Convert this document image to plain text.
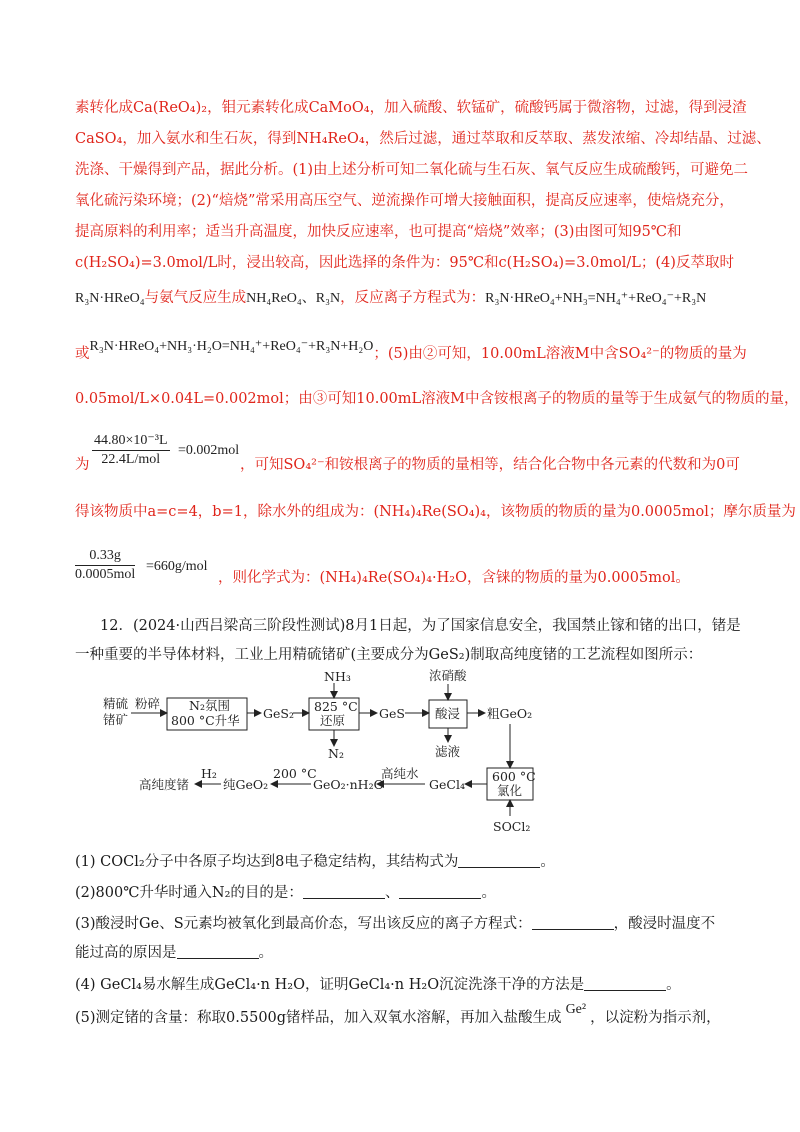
素转化成Ca(ReO₄)₂，钼元素转化成CaMoO₄，加入硫酸、软锰矿，硫酸钙属于微溶物，过滤，得到浸渣
CaSO₄，加入氨水和生石灰，得到NH₄ReO₄，然后过滤，通过萃取和反萃取、蒸发浓缩、冷却结晶、过滤、
洗涤、干燥得到产品，据此分析。(1)由上述分析可知二氧化硫与生石灰、氧气反应生成硫酸钙，可避免二
氧化硫污染环境；(2)“焙烧”常采用高压空气、逆流操作可增大接触面积，提高反应速率，使焙烧充分，
提高原料的利用率；适当升高温度，加快反应速率，也可提高“焙烧”效率；(3)由图可知95℃和
c(H₂SO₄)=3.0mol/L时，浸出较高，因此选择的条件为：95℃和c(H₂SO₄)=3.0mol/L；(4)反萃取时
R₃N·HReO₄与氨气反应生成NH₄ReO₄、R₃N，反应离子方程式为：R₃N·HReO₄+NH₃=NH₄⁺+ReO₄⁻+R₃N
或R₃N·HReO₄+NH₃·H₂O=NH₄⁺+ReO₄⁻+R₃N+H₂O；(5)由②可知，10.00mL溶液M中含SO₄²⁻的物质的量为
0.05mol/L×0.04L=0.002mol；由③可知10.00mL溶液M中含铵根离子的物质的量等于生成氨气的物质的量，
为
44.80×10⁻³L
22.4L/mol
=0.002mol
，可知SO₄²⁻和铵根离子的物质的量相等，结合化合物中各元素的代数和为0可
得该物质中a=c=4，b=1，除水外的组成为：(NH₄)₄Re(SO₄)₄，该物质的物质的量为0.0005mol；摩尔质量为
0.33g
0.0005mol
=660g/mol
，则化学式为：(NH₄)₄Re(SO₄)₄·H₂O，含铼的物质的量为0.0005mol。
12．(2024·山西吕梁高三阶段性测试)8月1日起，为了国家信息安全，我国禁止镓和锗的出口，锗是
一种重要的半导体材料，工业上用精硫锗矿(主要成分为GeS₂)制取高纯度锗的工艺流程如图所示：
精硫
锗矿
粉碎 N₂氛围
800 °C升华 GeS₂
NH₃
825 °C
还原
N₂
GeS
浓硝酸
酸浸
滤液
粗GeO₂
600 °C
氯化
SOCl₂
GeCl₄
高纯水
GeO₂·nH₂O
200 °C
纯GeO₂
H₂
高纯度锗
(1) COCl₂分子中各原子均达到8电子稳定结构，其结构式为	。
(2)800℃升华时通入N₂的目的是：	、	。
(3)酸浸时Ge、S元素均被氧化到最高价态，写出该反应的离子方程式：	，酸浸时温度不
能过高的原因是	。
(4) GeCl₄易水解生成GeCl₄·n H₂O，证明GeCl₄·n H₂O沉淀洗涤干净的方法是	。
(5)测定锗的含量：称取0.5500g锗样品，加入双氧水溶解，再加入盐酸生成Ge²，以淀粉为指示剂，
